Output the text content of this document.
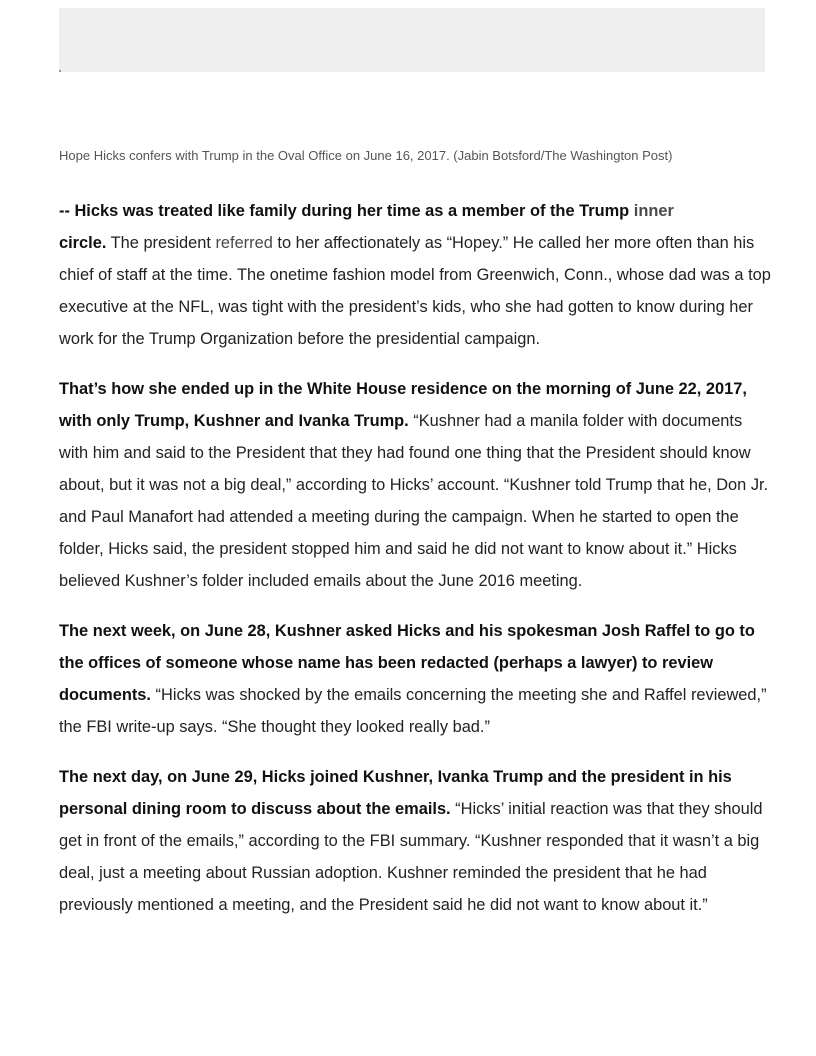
Hope Hicks confers with Trump in the Oval Office on June 16, 2017. (Jabin Botsford/The Washington Post)

-- Hicks was treated like family during her time as a member of the Trump inner
circle. The president referred to her affectionately as “Hopey.” He called her more often than his chief of staff at the time. The onetime fashion model from Greenwich, Conn., whose dad was a top executive at the NFL, was tight with the president’s kids, who she had gotten to know during her work for the Trump Organization before the presidential campaign.

That’s how she ended up in the White House residence on the morning of June 22, 2017, with only Trump, Kushner and Ivanka Trump. “Kushner had a manila folder with documents with him and said to the President that they had found one thing that the President should know about, but it was not a big deal,” according to Hicks’ account. “Kushner told Trump that he, Don Jr. and Paul Manafort had attended a meeting during the campaign. When he started to open the folder, Hicks said, the president stopped him and said he did not want to know about it.” Hicks believed Kushner’s folder included emails about the June 2016 meeting.

The next week, on June 28, Kushner asked Hicks and his spokesman Josh Raffel to go to the offices of someone whose name has been redacted (perhaps a lawyer) to review documents. “Hicks was shocked by the emails concerning the meeting she and Raffel reviewed,” the FBI write-up says. “She thought they looked really bad.”

The next day, on June 29, Hicks joined Kushner, Ivanka Trump and the president in his personal dining room to discuss about the emails. “Hicks’ initial reaction was that they should get in front of the emails,” according to the FBI summary. “Kushner responded that it wasn’t a big deal, just a meeting about Russian adoption. Kushner reminded the president that he had previously mentioned a meeting, and the President said he did not want to know about it.”
